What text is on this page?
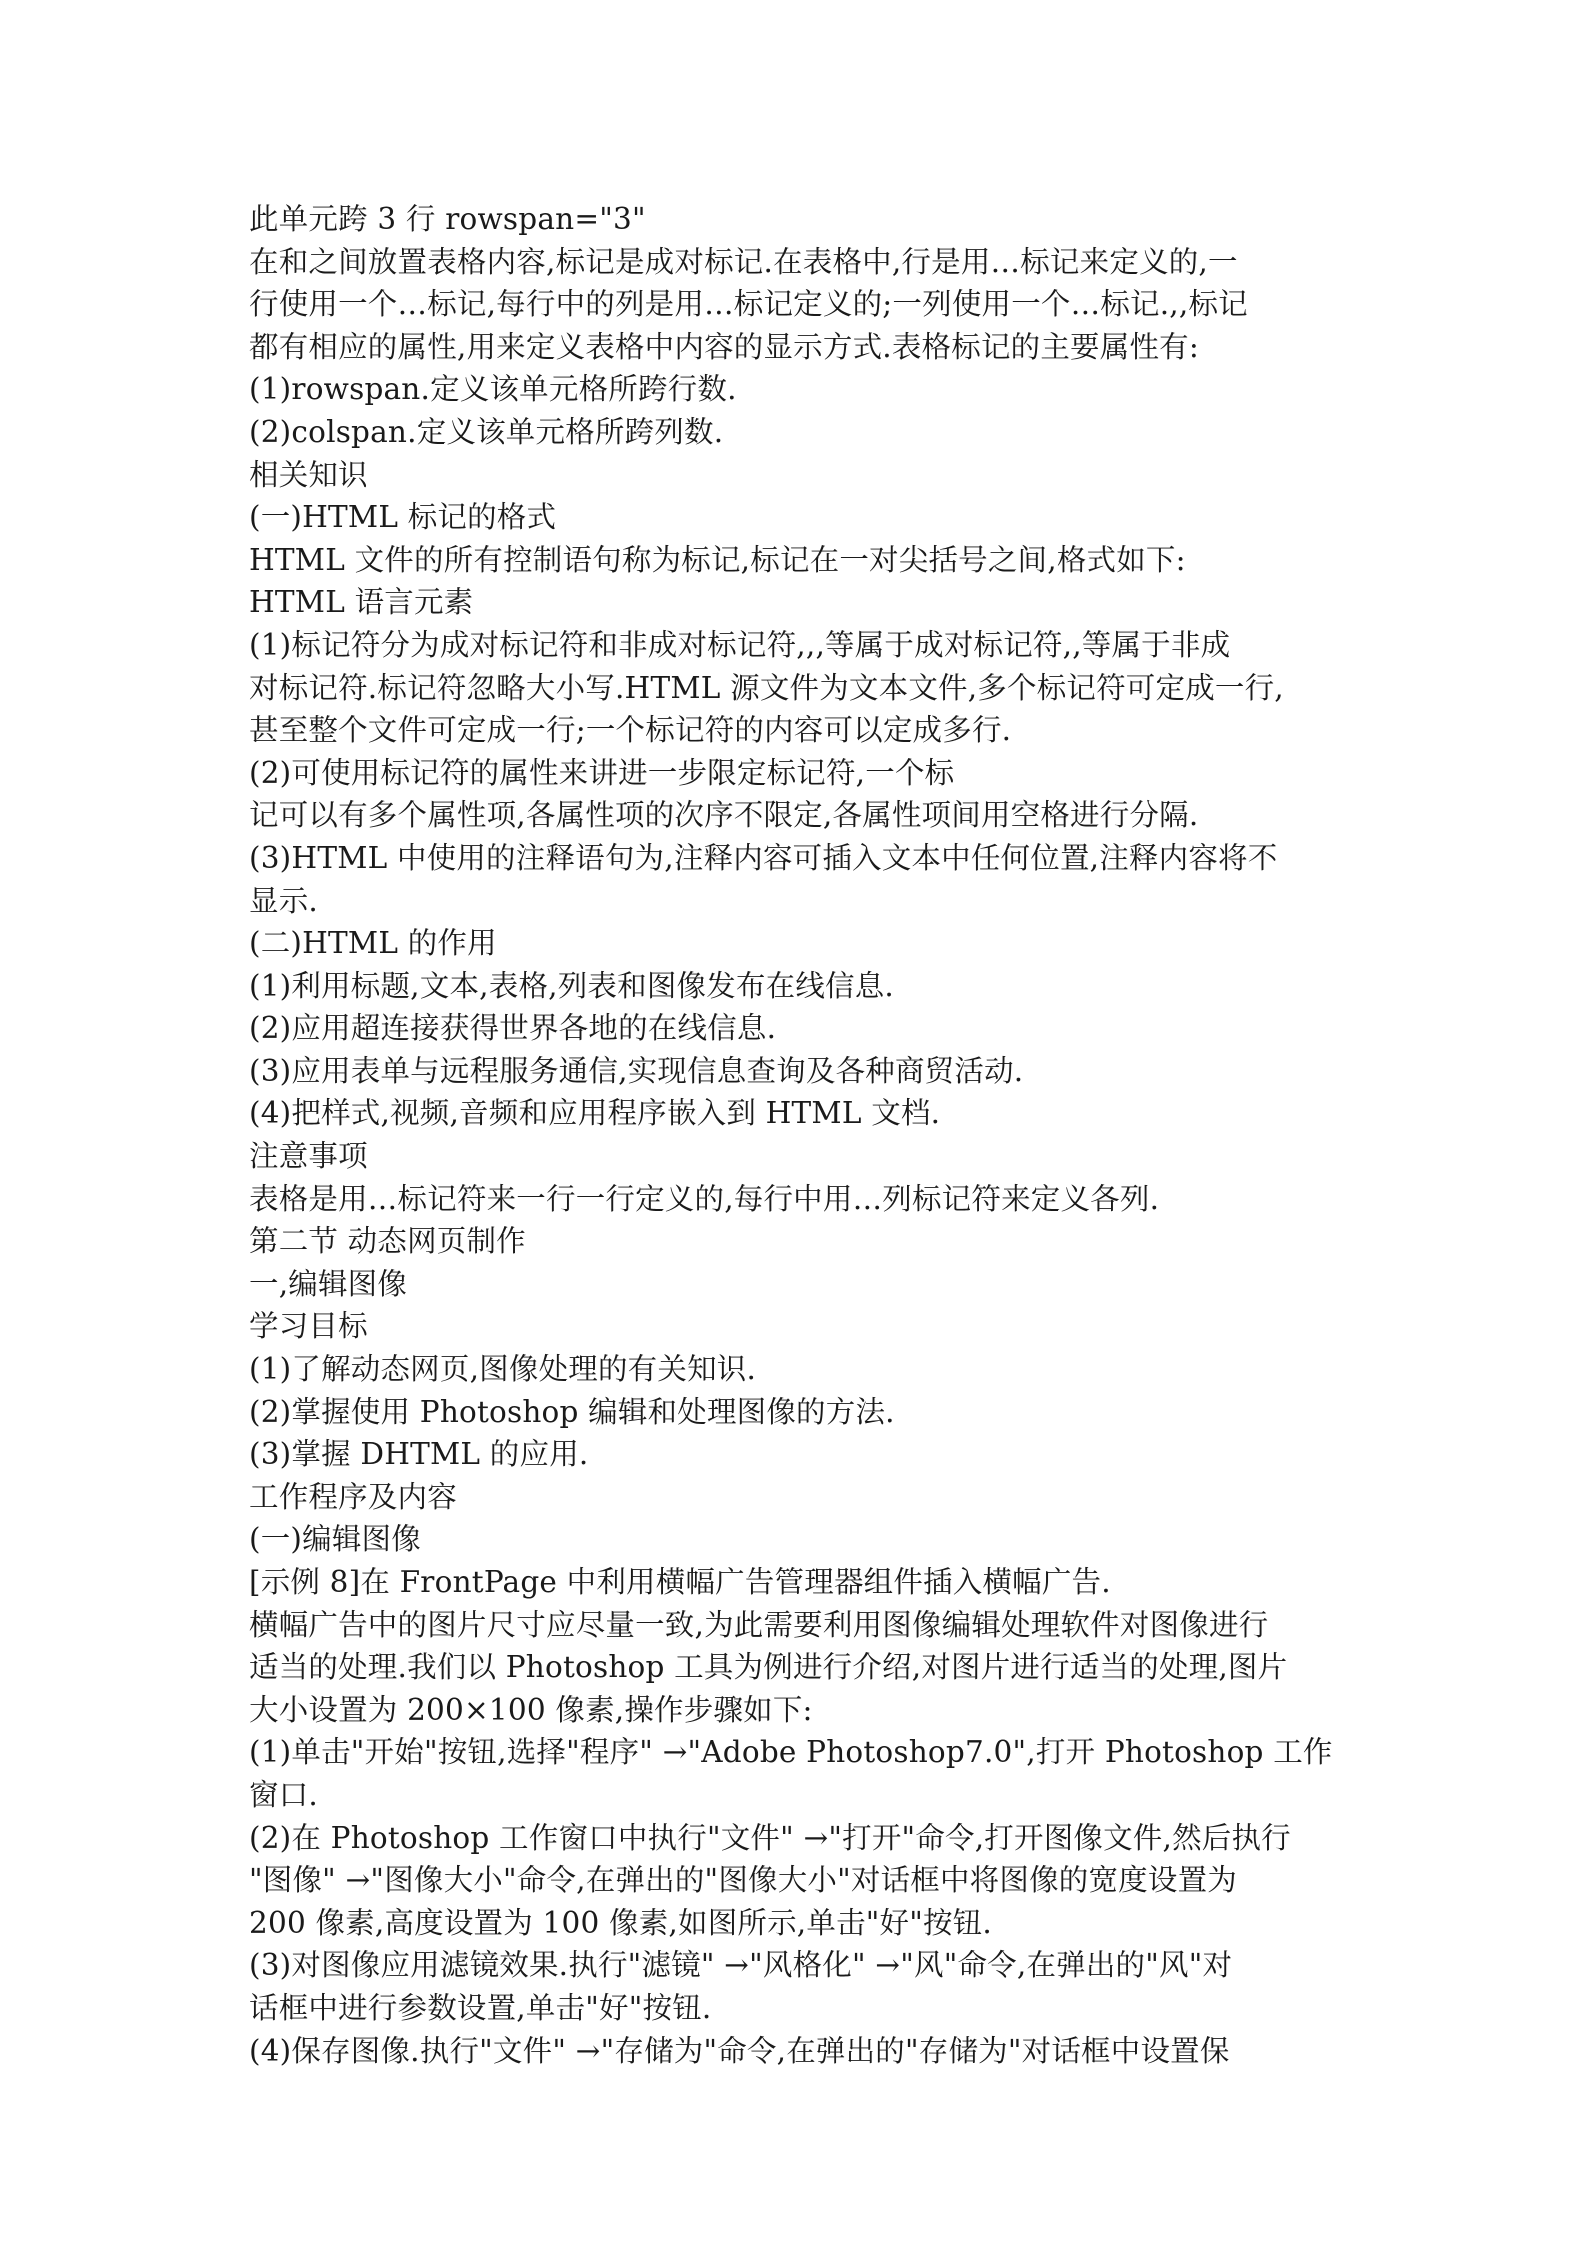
此单元跨 3 行 rowspan="3"
在和之间放置表格内容,标记是成对标记.在表格中,行是用…标记来定义的,一
行使用一个…标记,每行中的列是用…标记定义的;一列使用一个…标记.,,标记
都有相应的属性,用来定义表格中内容的显示方式.表格标记的主要属性有:
(1)rowspan.定义该单元格所跨行数.
(2)colspan.定义该单元格所跨列数.
相关知识
(一)HTML 标记的格式
HTML 文件的所有控制语句称为标记,标记在一对尖括号之间,格式如下:
HTML 语言元素
(1)标记符分为成对标记符和非成对标记符,,,等属于成对标记符,,等属于非成
对标记符.标记符忽略大小写.HTML 源文件为文本文件,多个标记符可定成一行,
甚至整个文件可定成一行;一个标记符的内容可以定成多行.
(2)可使用标记符的属性来讲进一步限定标记符,一个标
记可以有多个属性项,各属性项的次序不限定,各属性项间用空格进行分隔.
(3)HTML 中使用的注释语句为,注释内容可插入文本中任何位置,注释内容将不
显示.
(二)HTML 的作用
(1)利用标题,文本,表格,列表和图像发布在线信息.
(2)应用超连接获得世界各地的在线信息.
(3)应用表单与远程服务通信,实现信息查询及各种商贸活动.
(4)把样式,视频,音频和应用程序嵌入到 HTML 文档.
注意事项
表格是用…标记符来一行一行定义的,每行中用…列标记符来定义各列.
第二节 动态网页制作
一,编辑图像
学习目标
(1)了解动态网页,图像处理的有关知识.
(2)掌握使用 Photoshop 编辑和处理图像的方法.
(3)掌握 DHTML 的应用.
工作程序及内容
(一)编辑图像
[示例 8]在 FrontPage 中利用横幅广告管理器组件插入横幅广告.
横幅广告中的图片尺寸应尽量一致,为此需要利用图像编辑处理软件对图像进行
适当的处理.我们以 Photoshop 工具为例进行介绍,对图片进行适当的处理,图片
大小设置为 200×100 像素,操作步骤如下:
(1)单击"开始"按钮,选择"程序" →"Adobe Photoshop7.0",打开 Photoshop 工作
窗口.
(2)在 Photoshop 工作窗口中执行"文件" →"打开"命令,打开图像文件,然后执行
"图像" →"图像大小"命令,在弹出的"图像大小"对话框中将图像的宽度设置为
200 像素,高度设置为 100 像素,如图所示,单击"好"按钮.
(3)对图像应用滤镜效果.执行"滤镜" →"风格化" →"风"命令,在弹出的"风"对
话框中进行参数设置,单击"好"按钮.
(4)保存图像.执行"文件" →"存储为"命令,在弹出的"存储为"对话框中设置保
